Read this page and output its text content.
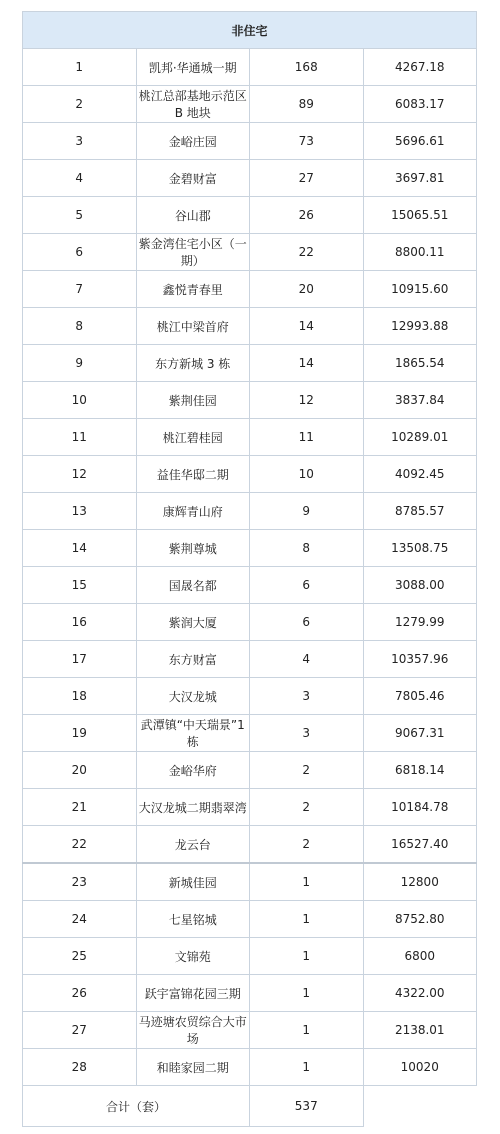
非住宅			
1	凯邦·华通城一期	168	4267.18
2	桃江总部基地示范区 B 地块	89	6083.17
3	金峪庄园	73	5696.61
4	金碧财富	27	3697.81
5	谷山郡	26	15065.51
6	紫金湾住宅小区（一期）	22	8800.11
7	鑫悦青春里	20	10915.60
8	桃江中梁首府	14	12993.88
9	东方新城 3 栋	14	1865.54
10	紫荆佳园	12	3837.84
11	桃江碧桂园	11	10289.01
12	益佳华邸二期	10	4092.45
13	康辉青山府	9	8785.57
14	紫荆尊城	8	13508.75
15	国晟名都	6	3088.00
16	紫润大厦	6	1279.99
17	东方财富	4	10357.96
18	大汉龙城	3	7805.46
19	武潭镇“中天瑞景”1 栋	3	9067.31
20	金峪华府	2	6818.14
21	大汉龙城二期翡翠湾	2	10184.78
22	龙云台	2	16527.40
23	新城佳园	1	12800
24	七星铭城	1	8752.80
25	文锦苑	1	6800
26	跃宇富锦花园三期	1	4322.00
27	马迹塘农贸综合大市场	1	2138.01
28	和睦家园二期	1	10020
合计（套）		537	
